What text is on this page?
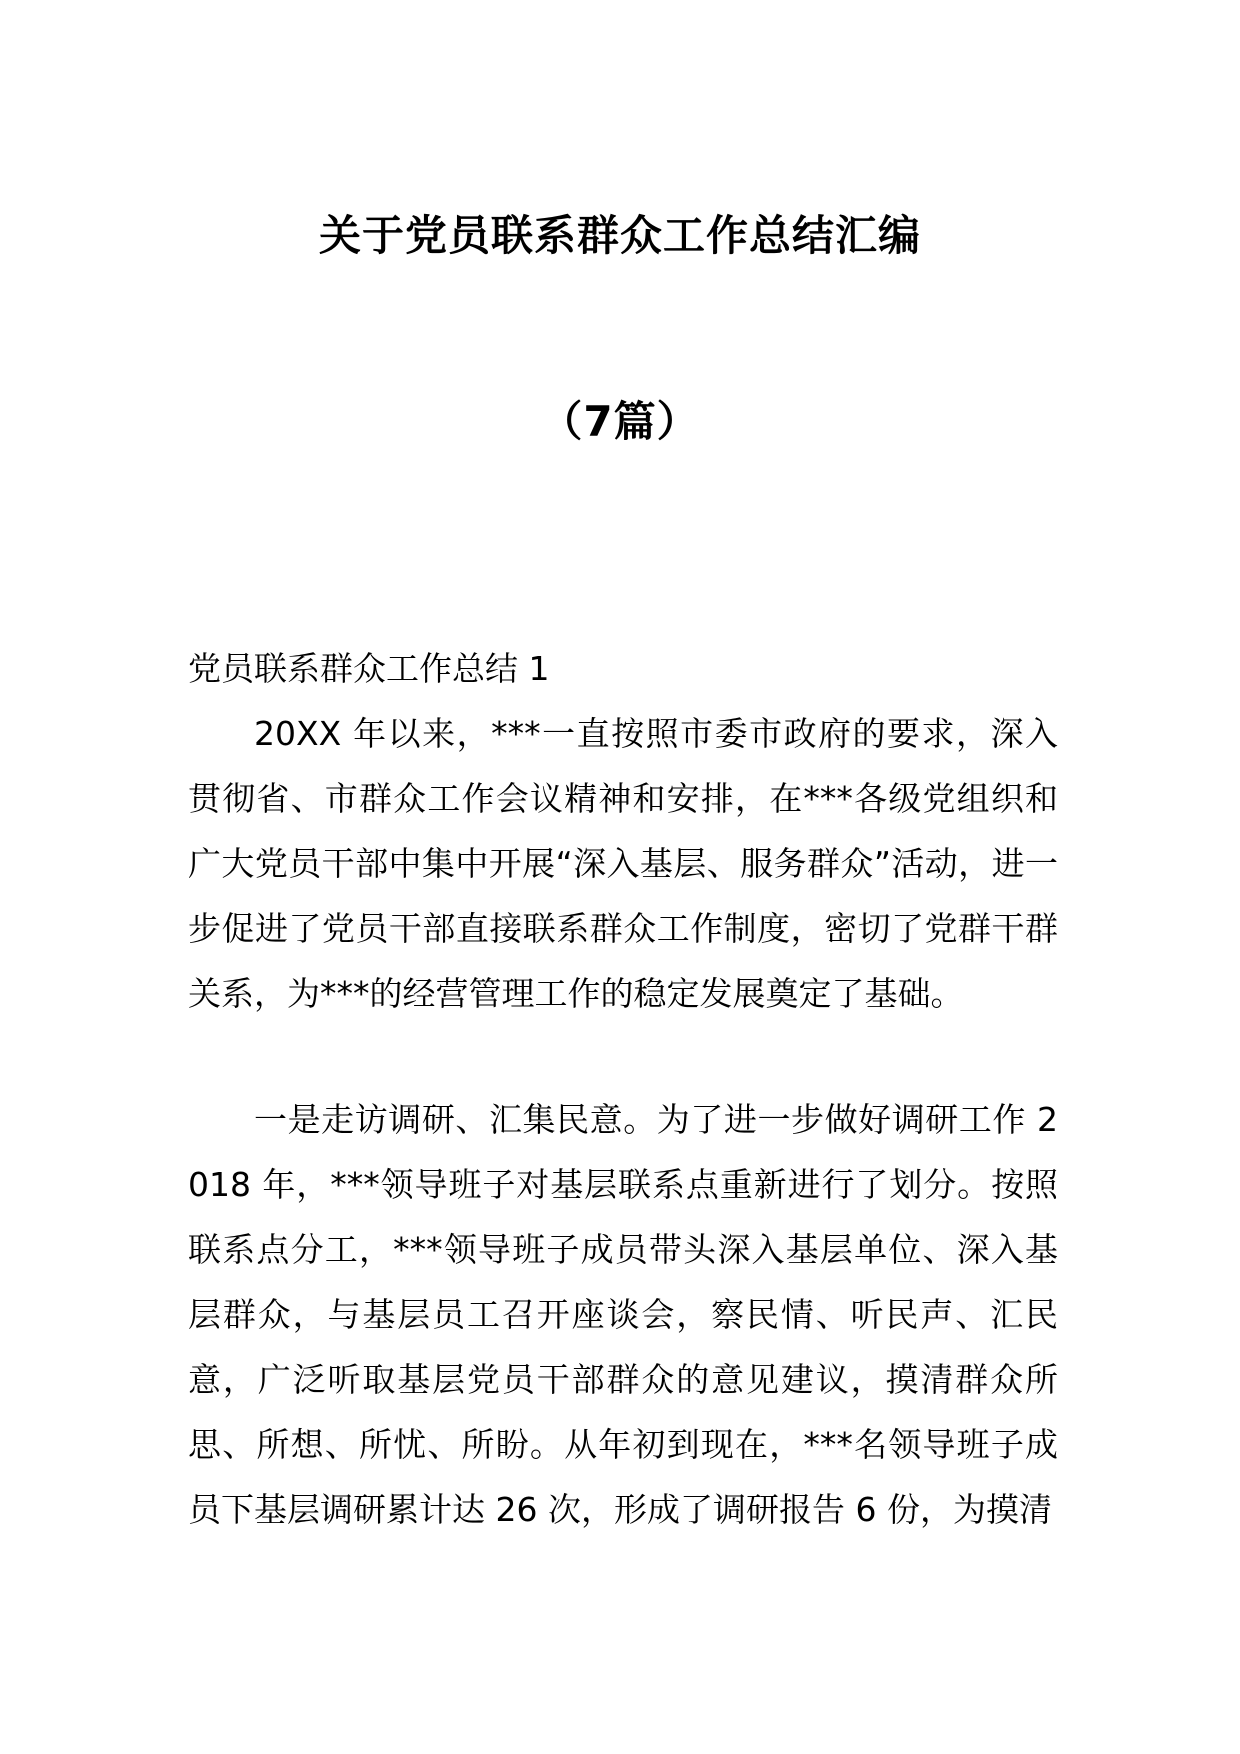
关于党员联系群众工作总结汇编
（7篇）

党员联系群众工作总结 1

20XX 年以来，***一直按照市委市政府的要求，深入贯彻省、市群众工作会议精神和安排，在***各级党组织和广大党员干部中集中开展“深入基层、服务群众”活动，进一步促进了党员干部直接联系群众工作制度，密切了党群干群关系，为***的经营管理工作的稳定发展奠定了基础。

一是走访调研、汇集民意。为了进一步做好调研工作 2018 年，***领导班子对基层联系点重新进行了划分。按照联系点分工，***领导班子成员带头深入基层单位、深入基层群众，与基层员工召开座谈会，察民情、听民声、汇民意，广泛听取基层党员干部群众的意见建议，摸清群众所思、所想、所忧、所盼。从年初到现在，***名领导班子成员下基层调研累计达 26 次，形成了调研报告 6 份，为摸清
